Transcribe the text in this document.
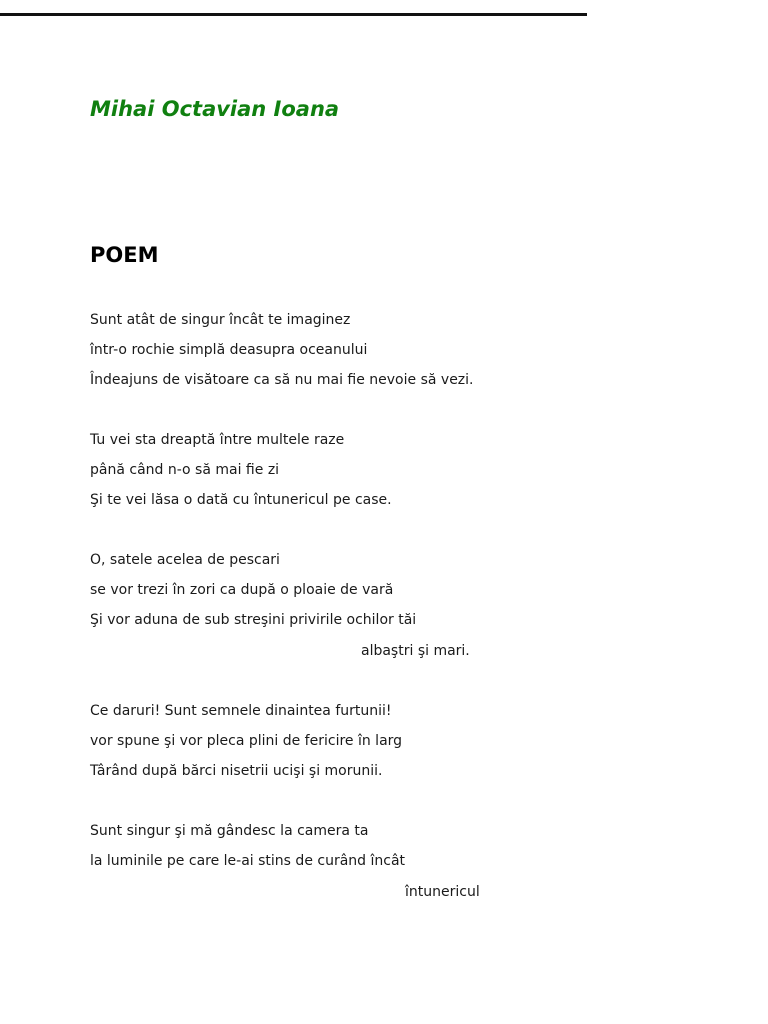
Mihai Octavian Ioana
POEM
Sunt atât de singur încât te imaginez
într-o rochie simplă deasupra oceanului
Îndeajuns de visătoare ca să nu mai fie nevoie să vezi.
Tu vei sta dreaptă între multele raze
până când n-o să mai fie zi
Şi te vei lăsa o dată cu întunericul pe case.
O, satele acelea de pescari
se vor trezi în zori ca după o ploaie de vară
Şi vor aduna de sub streşini privirile ochilor tăi
albaştri şi mari.
Ce daruri! Sunt semnele dinaintea furtunii!
vor spune şi vor pleca plini de fericire în larg
Târând după bărci nisetrii ucişi şi morunii.
Sunt singur şi mă gândesc la camera ta
la luminile pe care le-ai stins de curând încât
întunericul
